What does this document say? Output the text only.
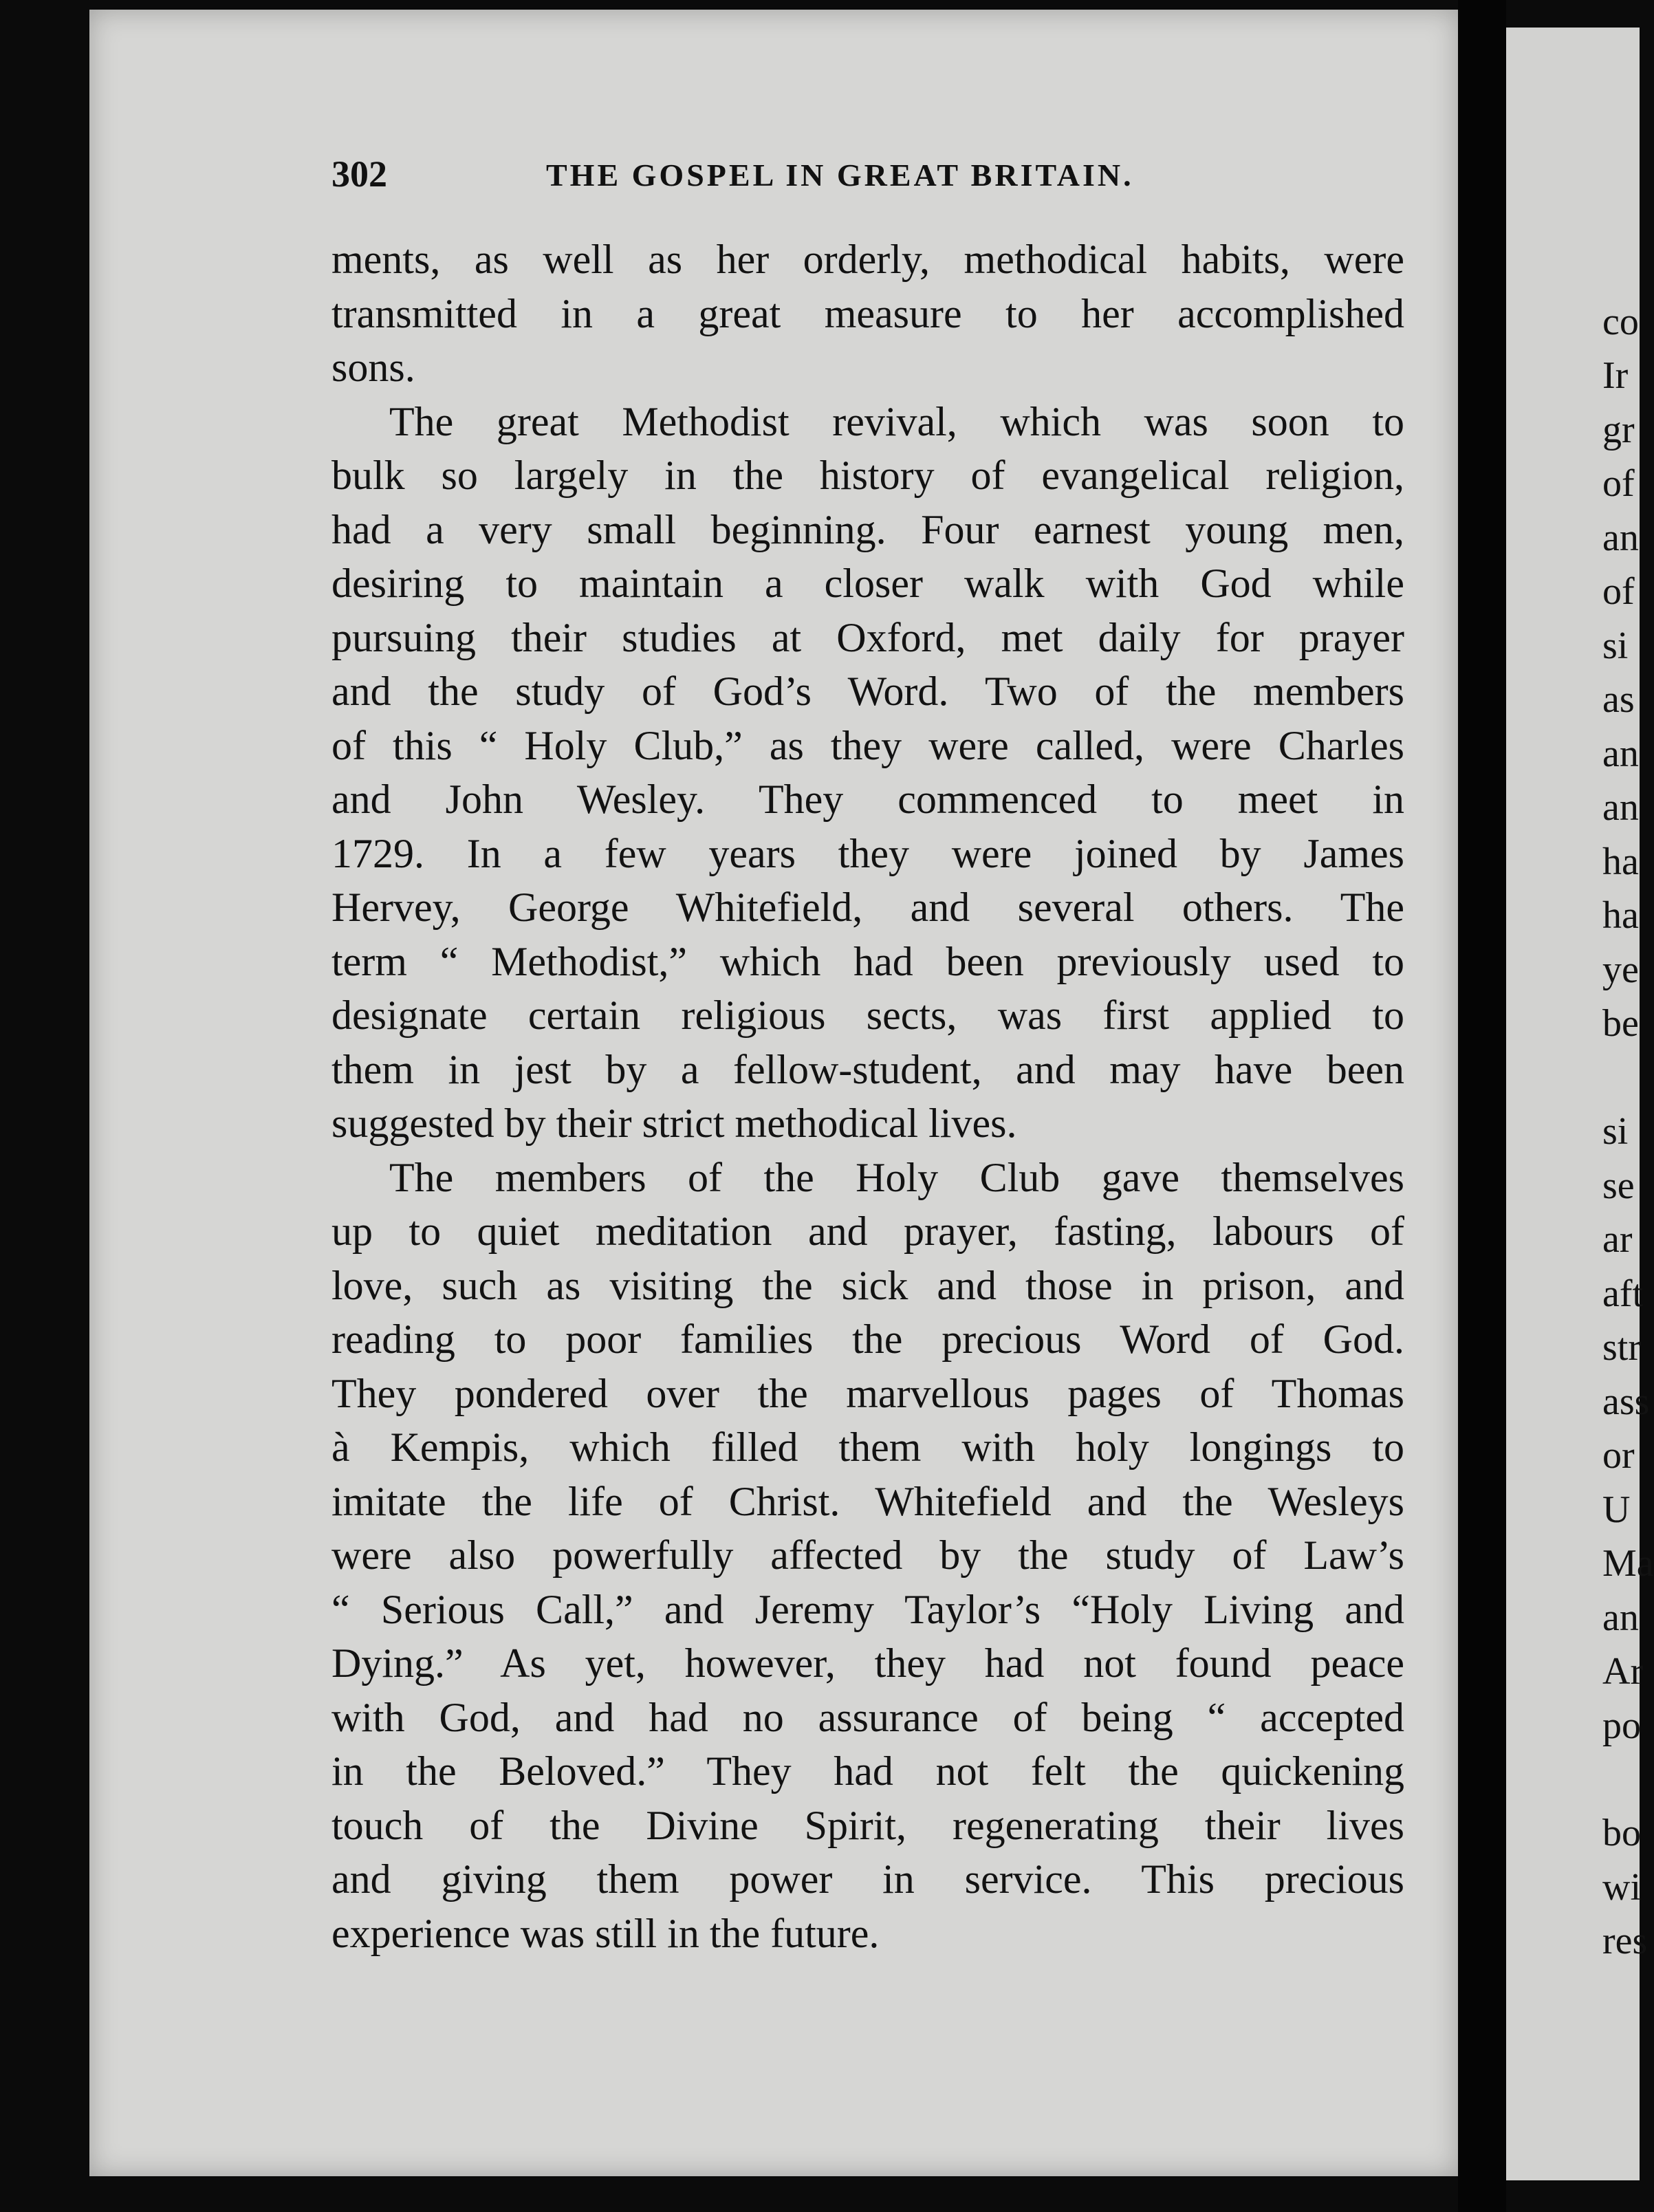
302	THE GOSPEL IN GREAT BRITAIN.
ments, as well as her orderly, methodical habits, were
transmitted in a great measure to her accomplished
sons.
The great Methodist revival, which was soon to
bulk so largely in the history of evangelical religion,
had a very small beginning. Four earnest young men,
desiring to maintain a closer walk with God while
pursuing their studies at Oxford, met daily for prayer
and the study of God’s Word. Two of the members
of this “ Holy Club,” as they were called, were Charles
and John Wesley. They commenced to meet in
1729. In a few years they were joined by James
Hervey, George Whitefield, and several others. The
term “ Methodist,” which had been previously used to
designate certain religious sects, was first applied to
them in jest by a fellow-student, and may have been
suggested by their strict methodical lives.
The members of the Holy Club gave themselves
up to quiet meditation and prayer, fasting, labours of
love, such as visiting the sick and those in prison, and
reading to poor families the precious Word of God.
They pondered over the marvellous pages of Thomas
à Kempis, which filled them with holy longings to
imitate the life of Christ. Whitefield and the Wesleys
were also powerfully affected by the study of Law’s
“ Serious Call,” and Jeremy Taylor’s “Holy Living and
Dying.” As yet, however, they had not found peace
with God, and had no assurance of being “ accepted
in the Beloved.” They had not felt the quickening
touch of the Divine Spirit, regenerating their lives
and giving them power in service. This precious
experience was still in the future.
co
Ir
gr
of
an
of
si
as
an
an
ha
ha
ye
be
si
se
ar
aft
str
ass
or
U
Ma
an
Ar
po
bo
wi
res
